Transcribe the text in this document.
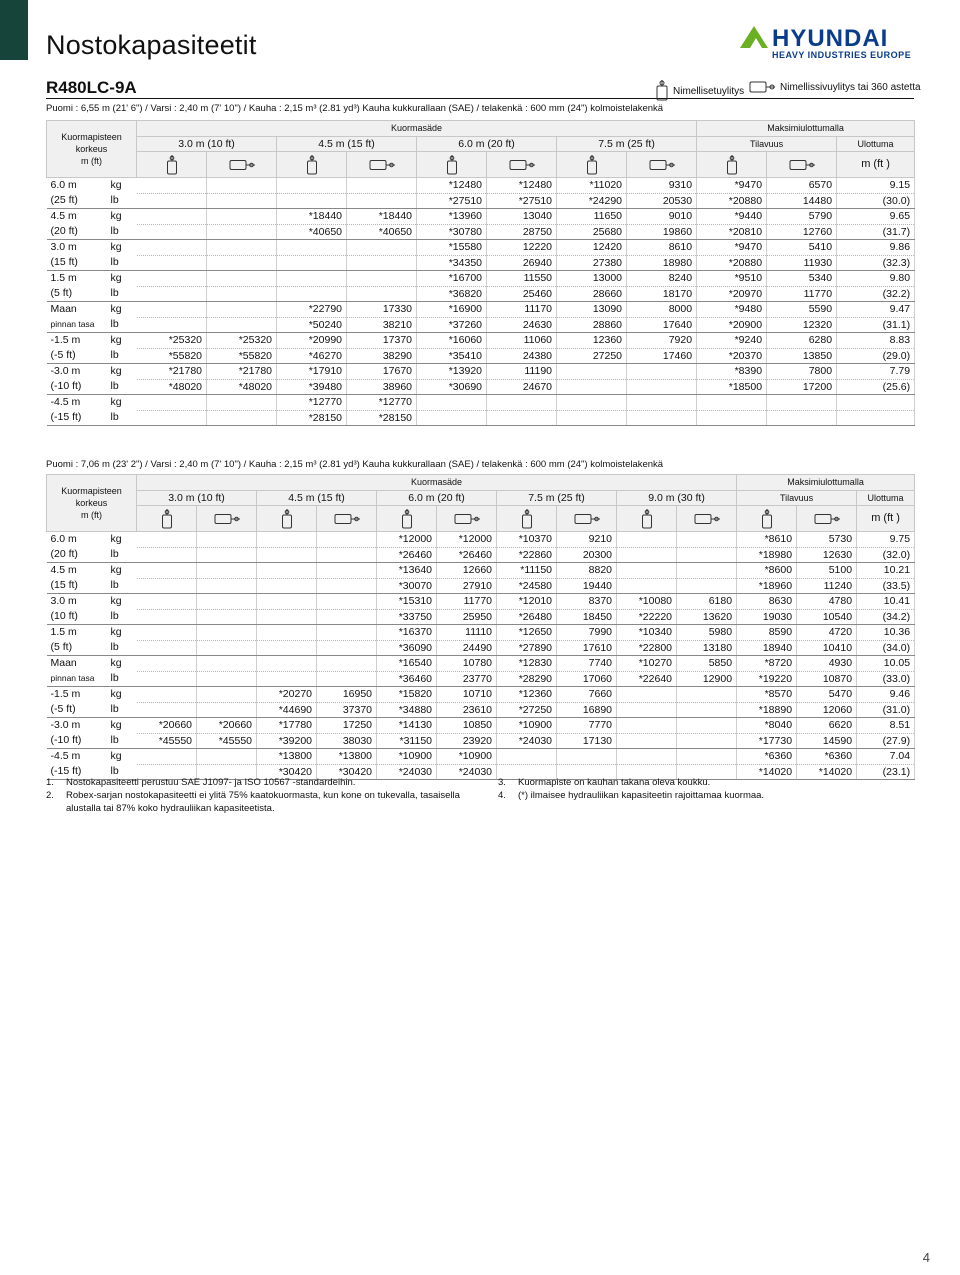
Nostokapasiteetit	HYUNDAI
HEAVY INDUSTRIES EUROPE
R480LC-9A	Nimellisetuylitys	Nimellissivuylitys tai 360 astetta
Puomi : 6,55 m (21' 6") / Varsi : 2,40 m (7' 10") / Kauha : 2,15 m³ (2.81 yd³) Kauha kukkurallaan (SAE) / telakenkä : 600 mm (24") kolmoistelakenkä
Kuormapisteen
korkeus
m (ft)		Kuormasäde								Maksimiulottumalla		
		3.0 m (10 ft)		4.5 m (15 ft)		6.0 m (20 ft)		7.5 m (25 ft)		Tilavuus		Ulottuma

	m (ft )
6.0 m	kg					*12480	*12480	*11020	9310	*9470	6570	9.15
(25 ft)	lb					*27510	*27510	*24290	20530	*20880	14480	(30.0)
4.5 m	kg			*18440	*18440	*13960	13040	11650	9010	*9440	5790	9.65
(20 ft)	lb			*40650	*40650	*30780	28750	25680	19860	*20810	12760	(31.7)
3.0 m	kg					*15580	12220	12420	8610	*9470	5410	9.86
(15 ft)	lb					*34350	26940	27380	18980	*20880	11930	(32.3)
1.5 m	kg					*16700	11550	13000	8240	*9510	5340	9.80
(5 ft)	lb					*36820	25460	28660	18170	*20970	11770	(32.2)
Maan	kg			*22790	17330	*16900	11170	13090	8000	*9480	5590	9.47
pinnan tasa	lb			*50240	38210	*37260	24630	28860	17640	*20900	12320	(31.1)
-1.5 m	kg	*25320	*25320	*20990	17370	*16060	11060	12360	7920	*9240	6280	8.83
(-5 ft)	lb	*55820	*55820	*46270	38290	*35410	24380	27250	17460	*20370	13850	(29.0)
-3.0 m	kg	*21780	*21780	*17910	17670	*13920	11190			*8390	7800	7.79
(-10 ft)	lb	*48020	*48020	*39480	38960	*30690	24670			*18500	17200	(25.6)
-4.5 m	kg			*12770	*12770							
(-15 ft)	lb			*28150	*28150							
Puomi : 7,06 m (23' 2") / Varsi : 2,40 m (7' 10") / Kauha : 2,15 m³ (2.81 yd³) Kauha kukkurallaan (SAE) / telakenkä : 600 mm (24") kolmoistelakenkä
Kuormapisteen
korkeus
m (ft)		Kuormasäde										Maksimiulottumalla		
		3.0 m (10 ft)		4.5 m (15 ft)		6.0 m (20 ft)		7.5 m (25 ft)		9.0 m (30 ft)		Tilavuus		Ulottuma

	m (ft )
6.0 m	kg					*12000	*12000	*10370	9210			*8610	5730	9.75
(20 ft)	lb					*26460	*26460	*22860	20300			*18980	12630	(32.0)
4.5 m	kg					*13640	12660	*11150	8820			*8600	5100	10.21
(15 ft)	lb					*30070	27910	*24580	19440			*18960	11240	(33.5)
3.0 m	kg					*15310	11770	*12010	8370	*10080	6180	8630	4780	10.41
(10 ft)	lb					*33750	25950	*26480	18450	*22220	13620	19030	10540	(34.2)
1.5 m	kg					*16370	11110	*12650	7990	*10340	5980	8590	4720	10.36
(5 ft)	lb					*36090	24490	*27890	17610	*22800	13180	18940	10410	(34.0)
Maan	kg					*16540	10780	*12830	7740	*10270	5850	*8720	4930	10.05
pinnan tasa	lb					*36460	23770	*28290	17060	*22640	12900	*19220	10870	(33.0)
-1.5 m	kg			*20270	16950	*15820	10710	*12360	7660			*8570	5470	9.46
(-5 ft)	lb			*44690	37370	*34880	23610	*27250	16890			*18890	12060	(31.0)
-3.0 m	kg	*20660	*20660	*17780	17250	*14130	10850	*10900	7770			*8040	6620	8.51
(-10 ft)	lb	*45550	*45550	*39200	38030	*31150	23920	*24030	17130			*17730	14590	(27.9)
-4.5 m	kg			*13800	*13800	*10900	*10900					*6360	*6360	7.04
(-15 ft)	lb			*30420	*30420	*24030	*24030					*14020	*14020	(23.1)
1.	Nostokapasiteetti perustuu SAE J1097- ja ISO 10567 -standardeihin.
2.	Robex-sarjan nostokapasiteetti ei ylitä 75% kaatokuormasta, kun kone on tukevalla, tasaisella alustalla tai 87% koko hydrauliikan kapasiteetista.
3.	Kuormapiste on kauhan takana oleva koukku.
4.	(*) ilmaisee hydrauliikan kapasiteetin rajoittamaa kuormaa.
4
